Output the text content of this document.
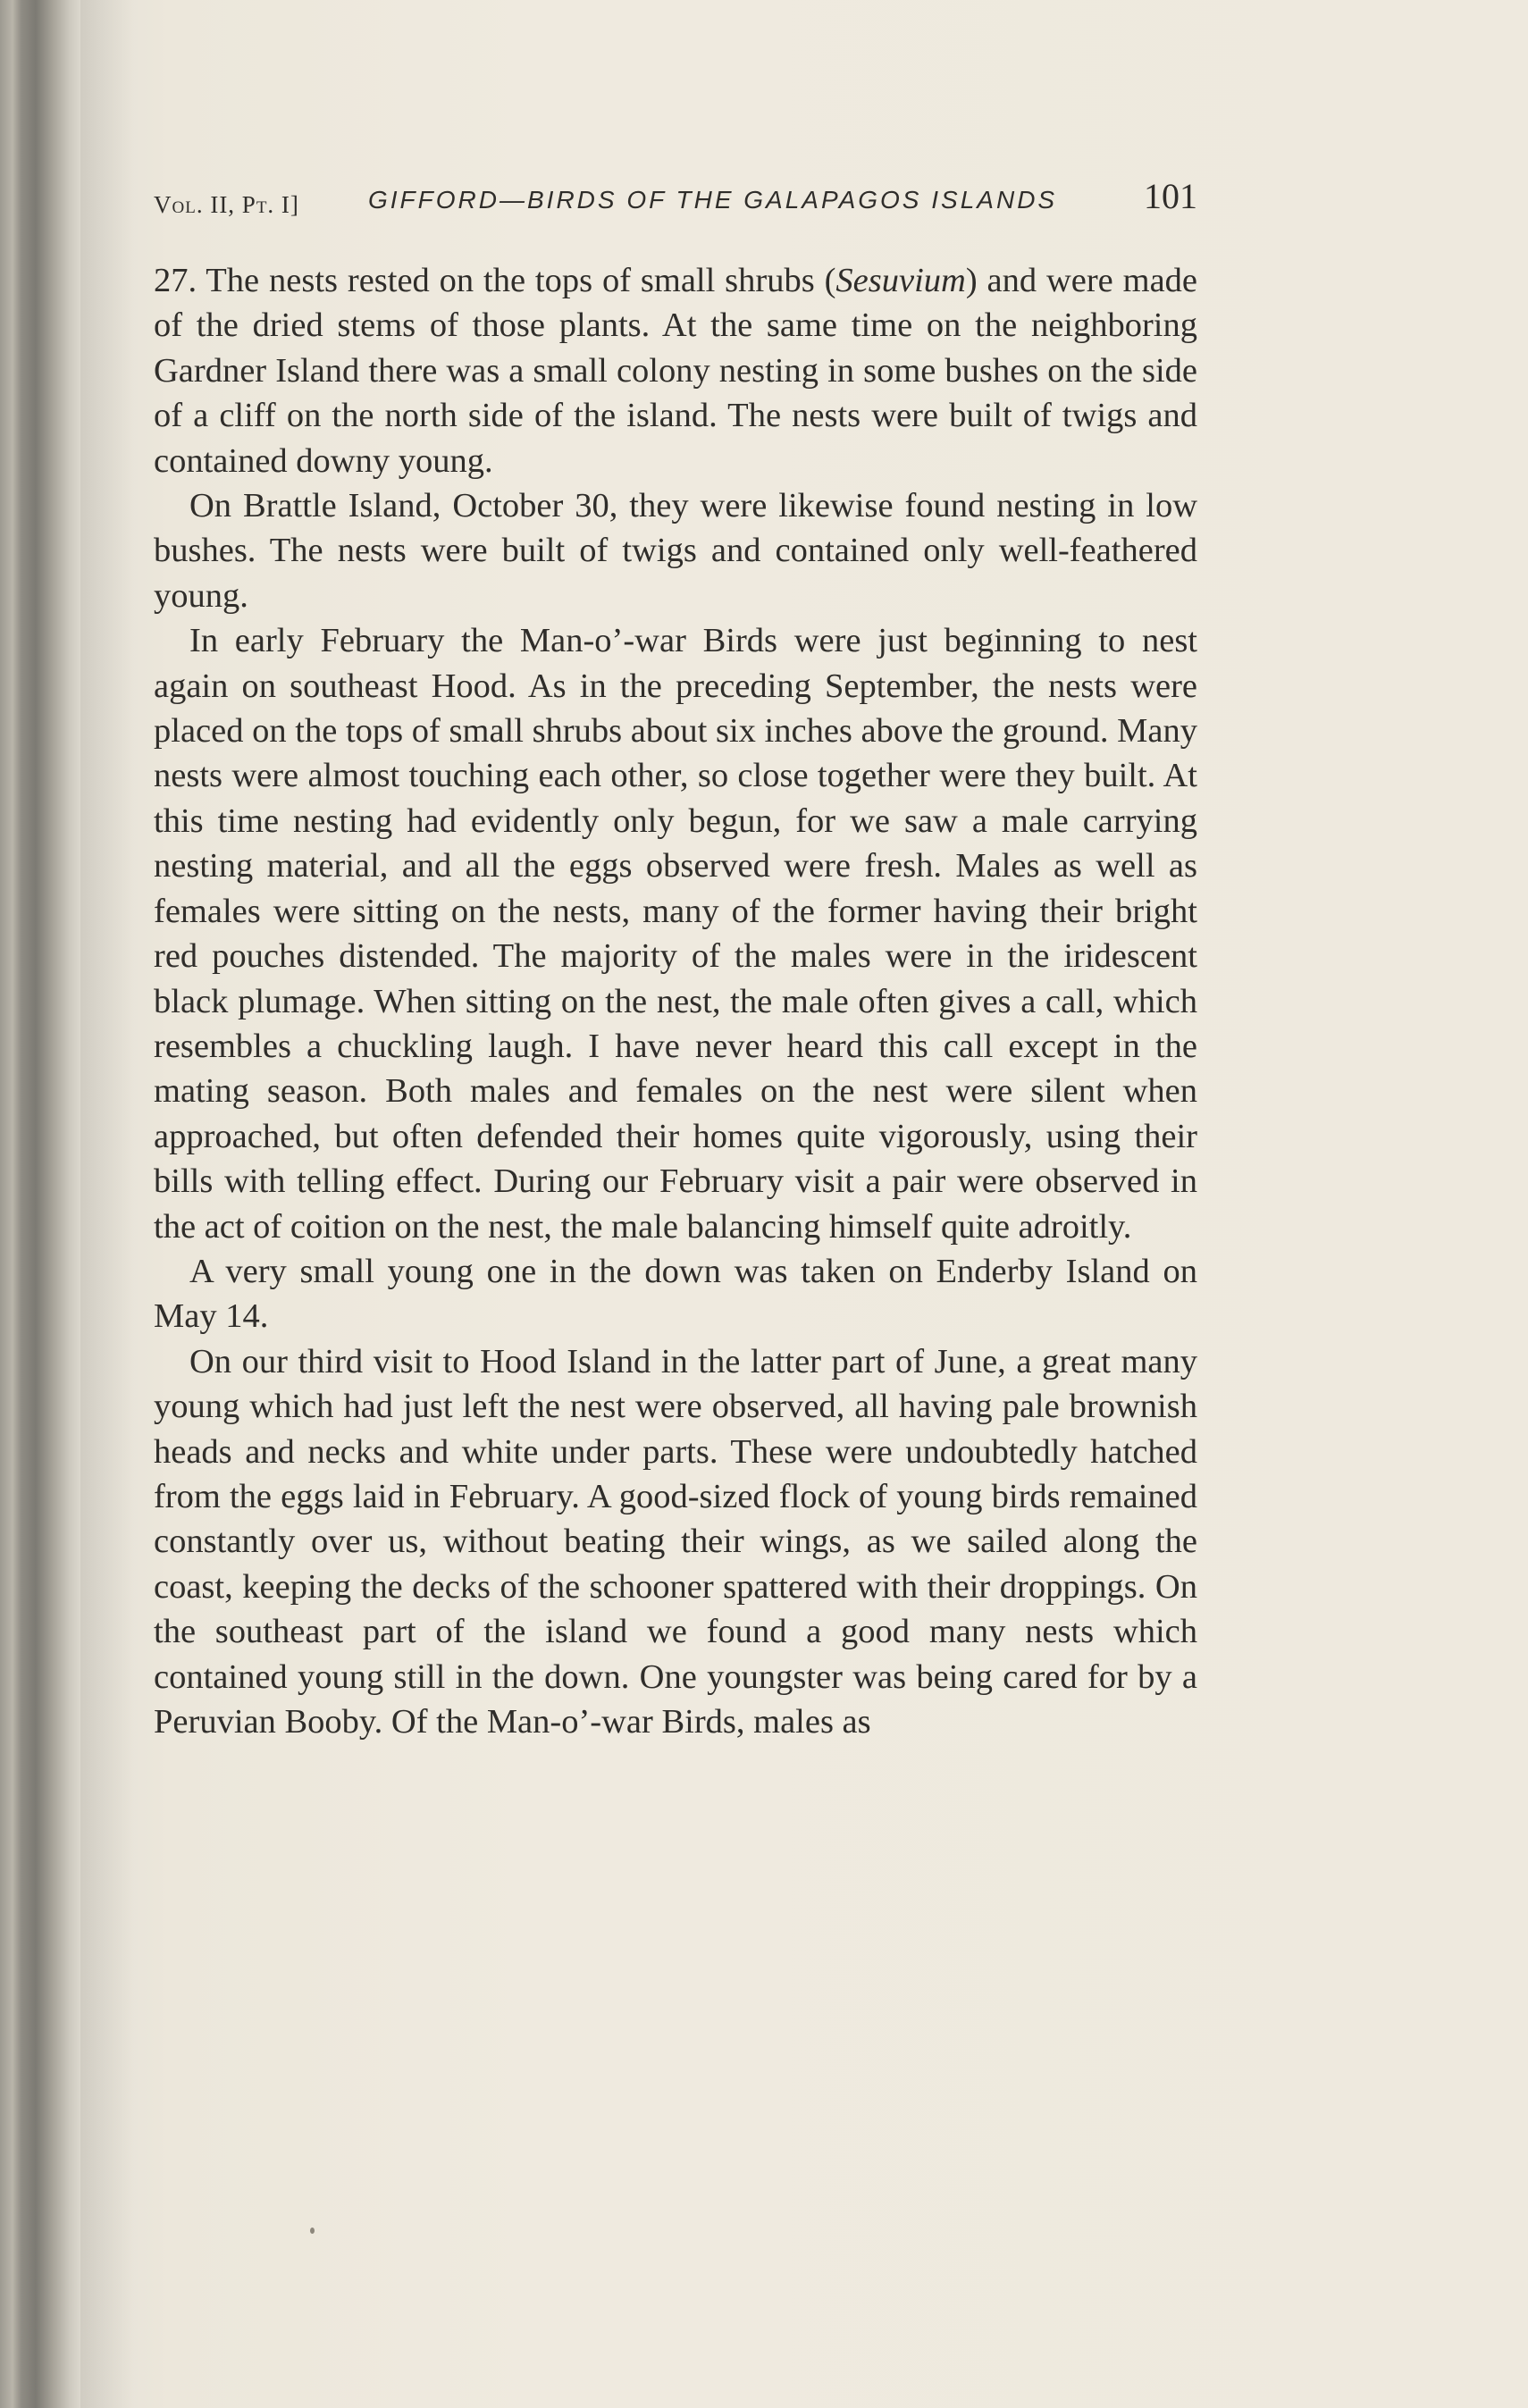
Vol. II, Pt. I]	GIFFORD—BIRDS OF THE GALAPAGOS ISLANDS 101

27. The nests rested on the tops of small shrubs (Sesuvium) and were made of the dried stems of those plants. At the same time on the neighboring Gardner Island there was a small colony nesting in some bushes on the side of a cliff on the north side of the island. The nests were built of twigs and contained downy young.

On Brattle Island, October 30, they were likewise found nesting in low bushes. The nests were built of twigs and contained only well-feathered young.

In early February the Man-o’-war Birds were just beginning to nest again on southeast Hood. As in the preceding September, the nests were placed on the tops of small shrubs about six inches above the ground. Many nests were almost touching each other, so close together were they built. At this time nesting had evidently only begun, for we saw a male carrying nesting material, and all the eggs observed were fresh. Males as well as females were sitting on the nests, many of the former having their bright red pouches distended. The majority of the males were in the iridescent black plumage. When sitting on the nest, the male often gives a call, which resembles a chuckling laugh. I have never heard this call except in the mating season. Both males and females on the nest were silent when approached, but often defended their homes quite vigorously, using their bills with telling effect. During our February visit a pair were observed in the act of coition on the nest, the male balancing himself quite adroitly.

A very small young one in the down was taken on Enderby Island on May 14.

On our third visit to Hood Island in the latter part of June, a great many young which had just left the nest were observed, all having pale brownish heads and necks and white under parts. These were undoubtedly hatched from the eggs laid in February. A good-sized flock of young birds remained constantly over us, without beating their wings, as we sailed along the coast, keeping the decks of the schooner spattered with their droppings. On the southeast part of the island we found a good many nests which contained young still in the down. One youngster was being cared for by a Peruvian Booby. Of the Man-o’-war Birds, males as
